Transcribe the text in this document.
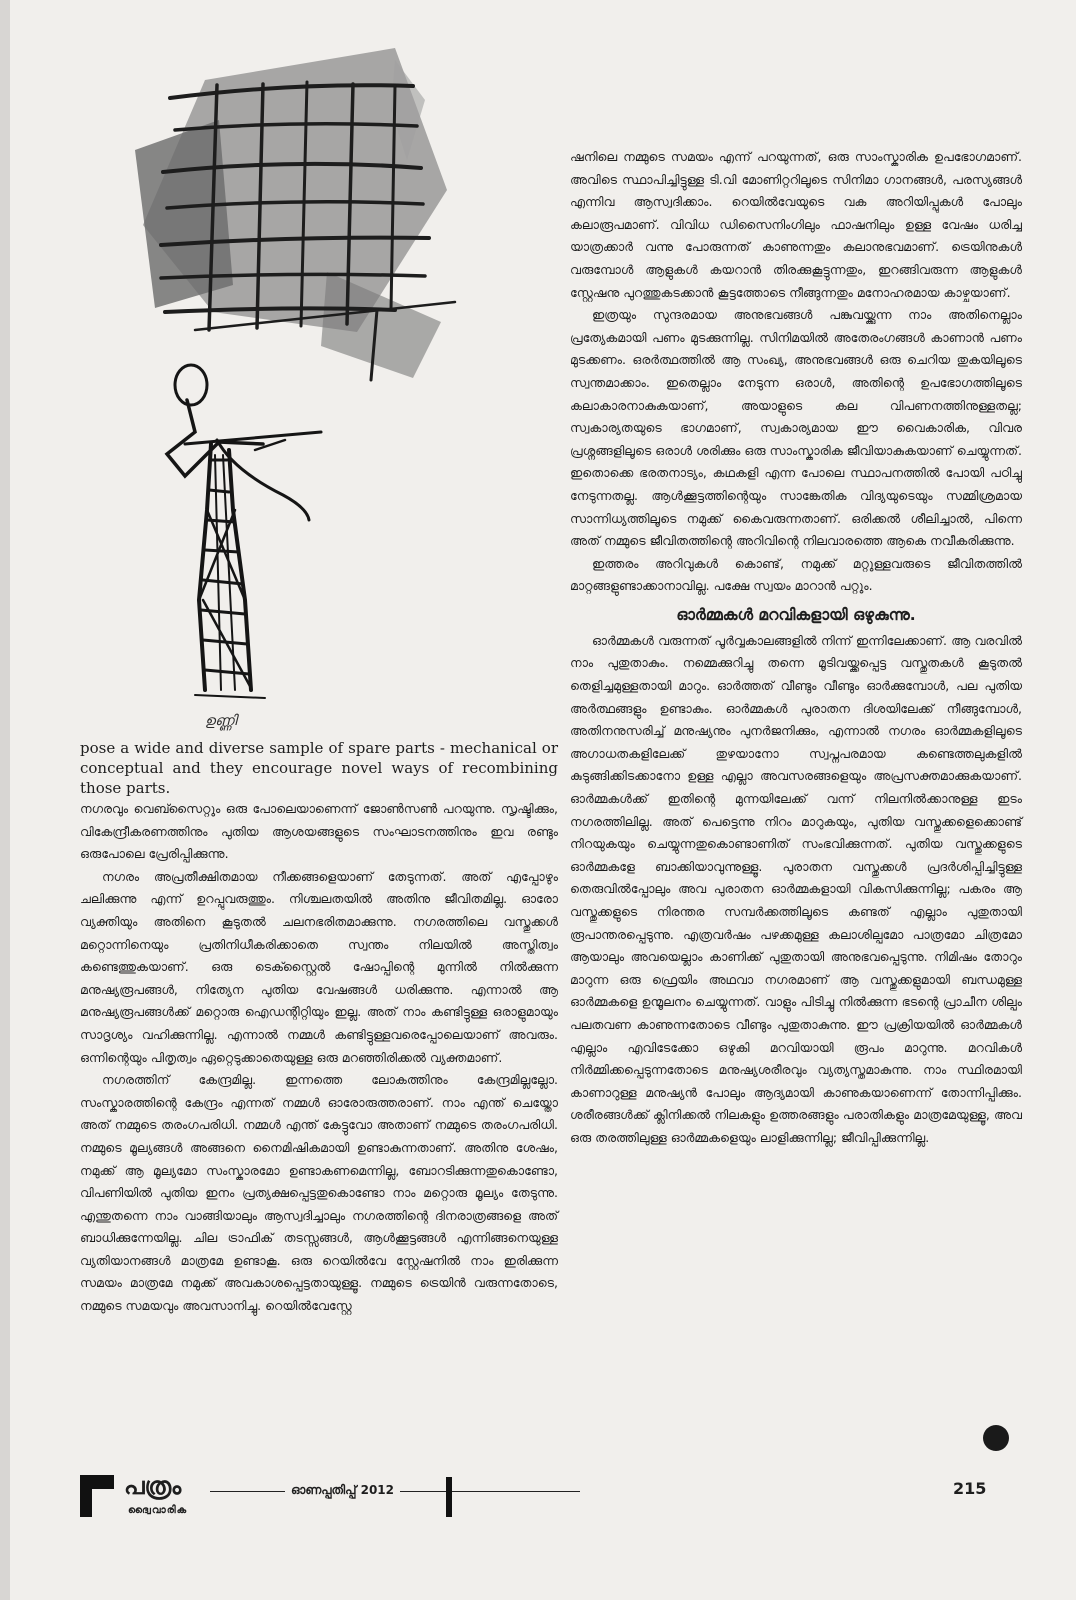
ഉണ്ണി

pose a wide and diverse sample of spare parts - mechanical or conceptual and they encourage novel ways of recombining those parts.

നഗരവും വെബ്സൈറ്റും ഒരു പോലെയാണെന്ന് ജോൺസൺ പറയുന്നു. സൃഷ്ടിക്കും, വികേന്ദ്രീകരണത്തിനും പുതിയ ആശയങ്ങളുടെ സംഘാടനത്തിനും ഇവ രണ്ടും ഒരുപോലെ പ്രേരിപ്പിക്കുന്നു.

നഗരം അപ്രതീക്ഷിതമായ നീക്കങ്ങളെയാണ് തേടുന്നത്. അത് എപ്പോഴും ചലിക്കുന്നു എന്ന് ഉറപ്പുവരുത്തും. നിശ്ചലതയിൽ അതിനു ജീവിതമില്ല. ഓരോ വ്യക്തിയും അതിനെ കൂടുതൽ ചലനഭരിതമാക്കുന്നു. നഗരത്തിലെ വസ്തുക്കൾ മറ്റൊന്നിനെയും പ്രതിനിധീകരിക്കാതെ സ്വന്തം നിലയിൽ അസ്തിത്വം കണ്ടെത്തുകയാണ്. ഒരു ടെക്സ്റ്റൈൽ ഷോപ്പിന്റെ മുന്നിൽ നിൽക്കുന്ന മനുഷ്യരൂപങ്ങൾ, നിത്യേന പുതിയ വേഷങ്ങൾ ധരിക്കുന്നു. എന്നാൽ ആ മനുഷ്യരൂപങ്ങൾക്ക് മറ്റൊരു ഐഡന്റിറ്റിയും ഇല്ല. അത് നാം കണ്ടിട്ടുള്ള ഒരാളുമായും സാദൃശ്യം വഹിക്കുന്നില്ല. എന്നാൽ നമ്മൾ കണ്ടിട്ടുള്ളവരെപ്പോലെയാണ് അവരും. ഒന്നിന്റെയും പിതൃത്വം ഏറ്റെടുക്കാതെയുള്ള ഒരു മറഞ്ഞിരിക്കൽ വ്യക്തമാണ്.

നഗരത്തിന് കേന്ദ്രമില്ല. ഇന്നത്തെ ലോകത്തിനും കേന്ദ്രമില്ലല്ലോ. സംസ്കാരത്തിന്റെ കേന്ദ്രം എന്നത് നമ്മൾ ഓരോരുത്തരാണ്. നാം എന്ത് ചെയ്തോ അത് നമ്മുടെ തരംഗപരിധി. നമ്മൾ എന്ത് കേട്ടുവോ അതാണ് നമ്മുടെ തരംഗപരിധി. നമ്മുടെ മൂല്യങ്ങൾ അങ്ങനെ നൈമിഷികമായി ഉണ്ടാകുന്നതാണ്. അതിനു ശേഷം, നമുക്ക് ആ മൂല്യമോ സംസ്കാരമോ ഉണ്ടാകണമെന്നില്ല, ബോറടിക്കുന്നതുകൊണ്ടോ, വിപണിയിൽ പുതിയ ഇനം പ്രത്യക്ഷപ്പെട്ടതുകൊണ്ടോ നാം മറ്റൊരു മൂല്യം തേടുന്നു. എന്തുതന്നെ നാം വാങ്ങിയാലും ആസ്വദിച്ചാലും നഗരത്തിന്റെ ദിനരാത്രങ്ങളെ അത് ബാധിക്കുന്നേയില്ല. ചില ട്രാഫിക് തടസ്സങ്ങൾ, ആൾക്കൂട്ടങ്ങൾ എന്നിങ്ങനെയുള്ള വ്യതിയാനങ്ങൾ മാത്രമേ ഉണ്ടാകൂ. ഒരു റെയിൽവേ സ്റ്റേഷനിൽ നാം ഇരിക്കുന്ന സമയം മാത്രമേ നമുക്ക് അവകാശപ്പെട്ടതായുള്ളൂ. നമ്മുടെ ട്രെയിൻ വരുന്നതോടെ, നമ്മുടെ സമയവും അവസാനിച്ചു. റെയിൽവേസ്റ്റേ

ഷനിലെ നമ്മുടെ സമയം എന്ന് പറയുന്നത്, ഒരു സാംസ്കാരിക ഉപഭോഗമാണ്. അവിടെ സ്ഥാപിച്ചിട്ടുള്ള ടി.വി മോണിറ്ററിലൂടെ സിനിമാ ഗാനങ്ങൾ, പരസ്യങ്ങൾ എന്നിവ ആസ്വദിക്കാം. റെയിൽവേയുടെ വക അറിയിപ്പുകൾ പോലും കലാരൂപമാണ്. വിവിധ ഡിസൈനിംഗിലും ഫാഷനിലും ഉള്ള വേഷം ധരിച്ച യാത്രക്കാർ വന്നു പോരുന്നത് കാണുന്നതും കലാനുഭവമാണ്. ട്രെയിനുകൾ വരുമ്പോൾ ആളുകൾ കയറാൻ തിരക്കുകൂട്ടുന്നതും, ഇറങ്ങിവരുന്ന ആളുകൾ സ്റ്റേഷനു പുറത്തുകടക്കാൻ കൂട്ടത്തോടെ നീങ്ങുന്നതും മനോഹരമായ കാഴ്ചയാണ്.

ഇത്രയും സുന്ദരമായ അനുഭവങ്ങൾ പങ്കുവയ്ക്കുന്ന നാം അതിനെല്ലാം പ്രത്യേകമായി പണം മുടക്കുന്നില്ല. സിനിമയിൽ അതേരംഗങ്ങൾ കാണാൻ പണം മുടക്കണം. ഒരർത്ഥത്തിൽ ആ സംഖ്യ, അനുഭവങ്ങൾ ഒരു ചെറിയ തുകയിലൂടെ സ്വന്തമാക്കാം. ഇതെല്ലാം നേടുന്ന ഒരാൾ, അതിന്റെ ഉപഭോഗത്തിലൂടെ കലാകാരനാകുകയാണ്, അയാളുടെ കല വിപണനത്തിനുള്ളതല്ല; സ്വകാര്യതയുടെ ഭാഗമാണ്, സ്വകാര്യമായ ഈ വൈകാരിക, വിവര പ്രശ്നങ്ങളിലൂടെ ഒരാൾ ശരിക്കും ഒരു സാംസ്കാരിക ജീവിയാകുകയാണ് ചെയ്യുന്നത്. ഇതൊക്കെ ഭരതനാട്യം, കഥകളി എന്ന പോലെ സ്ഥാപനത്തിൽ പോയി പഠിച്ചു നേടുന്നതല്ല. ആൾക്കൂട്ടത്തിന്റെയും സാങ്കേതിക വിദ്യയുടെയും സമ്മിശ്രമായ സാന്നിധ്യത്തിലൂടെ നമുക്ക് കൈവരുന്നതാണ്. ഒരിക്കൽ ശീലിച്ചാൽ, പിന്നെ അത് നമ്മുടെ ജീവിതത്തിന്റെ അറിവിന്റെ നിലവാരത്തെ ആകെ നവീകരിക്കുന്നു.

ഇത്തരം അറിവുകൾ കൊണ്ട്, നമുക്ക് മറ്റുള്ളവരുടെ ജീവിതത്തിൽ മാറ്റങ്ങളുണ്ടാക്കാനാവില്ല. പക്ഷേ സ്വയം മാറാൻ പറ്റും.

ഓർമ്മകൾ മറവികളായി ഒഴുകുന്നു.

ഓർമ്മകൾ വരുന്നത് പൂർവ്വകാലങ്ങളിൽ നിന്ന് ഇന്നിലേക്കാണ്. ആ വരവിൽ നാം പുതുതാകും. നമ്മെക്കുറിച്ചു തന്നെ മൂടിവയ്ക്കപ്പെട്ട വസ്തുതകൾ കൂടുതൽ തെളിച്ചമുള്ളതായി മാറും. ഓർത്തത് വീണ്ടും വീണ്ടും ഓർക്കുമ്പോൾ, പല പുതിയ അർത്ഥങ്ങളും ഉണ്ടാകും. ഓർമ്മകൾ പുരാതന ദിശയിലേക്ക് നീങ്ങുമ്പോൾ, അതിനനുസരിച്ച് മനുഷ്യനും പുനർജനിക്കും, എന്നാൽ നഗരം ഓർമ്മകളിലൂടെ അഗാധതകളിലേക്ക് തുഴയാനോ സ്വപ്നപരമായ കണ്ടെത്തലുകളിൽ കുടുങ്ങിക്കിടക്കാനോ ഉള്ള എല്ലാ അവസരങ്ങളെയും അപ്രസക്തമാക്കുകയാണ്. ഓർമ്മകൾക്ക് ഇതിന്റെ മുന്നയിലേക്ക് വന്ന് നിലനിൽക്കാനുള്ള ഇടം നഗരത്തിലില്ല. അത് പെട്ടെന്നു നിറം മാറുകയും, പുതിയ വസ്തുക്കളെക്കൊണ്ട് നിറയുകയും ചെയ്യുന്നതുകൊണ്ടാണിത് സംഭവിക്കുന്നത്. പുതിയ വസ്തുക്കളുടെ ഓർമ്മകളേ ബാക്കിയാവുന്നുള്ളൂ. പുരാതന വസ്തുക്കൾ പ്രദർശിപ്പിച്ചിട്ടുള്ള തെരുവിൽപ്പോലും അവ പുരാതന ഓർമ്മകളായി വികസിക്കുന്നില്ല; പകരം ആ വസ്തുക്കളുടെ നിരന്തര സമ്പർക്കത്തിലൂടെ കണ്ടത് എല്ലാം പുതുതായി രൂപാന്തരപ്പെടുന്നു. എത്രവർഷം പഴക്കമുള്ള കലാശില്പമോ പാത്രമോ ചിത്രമോ ആയാലും അവയെല്ലാം കാണിക്ക് പുതുതായി അനുഭവപ്പെടുന്നു. നിമിഷം തോറും മാറുന്ന ഒരു ഫ്രെയിം അഥവാ നഗരമാണ് ആ വസ്തുക്കളുമായി ബന്ധമുള്ള ഓർമ്മകളെ ഉന്മൂലനം ചെയ്യുന്നത്. വാളും പിടിച്ചു നിൽക്കുന്ന ഭടന്റെ പ്രാചീന ശില്പം പലതവണ കാണുന്നതോടെ വീണ്ടും പുതുതാകുന്നു. ഈ പ്രക്രിയയിൽ ഓർമ്മകൾ എല്ലാം എവിടേക്കോ ഒഴുകി മറവിയായി രൂപം മാറുന്നു. മറവികൾ നിർമ്മിക്കപ്പെടുന്നതോടെ മനുഷ്യശരീരവും വ്യത്യസ്തമാകുന്നു. നാം സ്ഥിരമായി കാണാറുള്ള മനുഷ്യൻ പോലും ആദ്യമായി കാണുകയാണെന്ന് തോന്നിപ്പിക്കും. ശരീരങ്ങൾക്ക് ക്ലിനിക്കൽ നിലകളും ഉത്തരങ്ങളും പരാതികളും മാത്രമേയുള്ളൂ, അവ ഒരു തരത്തിലുള്ള ഓർമ്മകളെയും ലാളിക്കുന്നില്ല; ജീവിപ്പിക്കുന്നില്ല.

പത്രം
ദ്വൈവാരിക
ഓണപ്പതിപ്പ് 2012	215
